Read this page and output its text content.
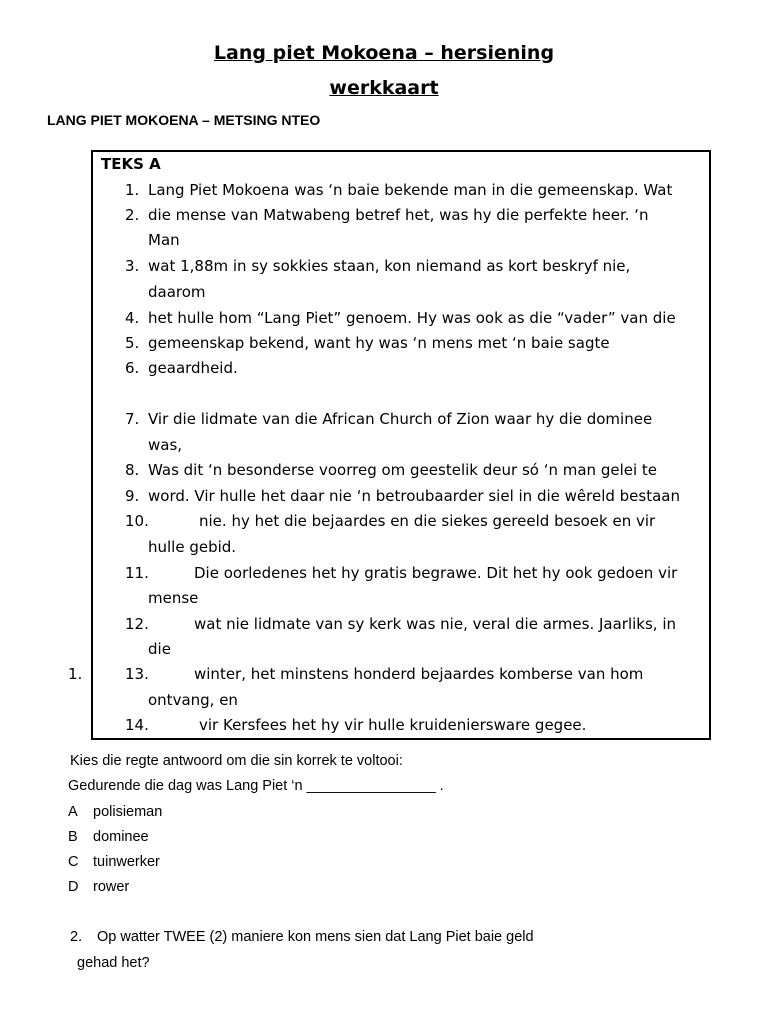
Lang piet Mokoena – hersiening
werkkaart
LANG PIET MOKOENA – METSING NTEO
TEKS A
1. Lang Piet Mokoena was ‘n baie bekende man in die gemeenskap. Wat
2. die mense van Matwabeng betref het, was hy die perfekte heer. ‘n
Man
3. wat 1,88m in sy sokkies staan, kon niemand as kort beskryf nie,
daarom
4. het hulle hom “Lang Piet” genoem. Hy was ook as die “vader” van die
5. gemeenskap bekend, want hy was ‘n mens met ‘n baie sagte
6. geaardheid.
7. Vir die lidmate van die African Church of Zion waar hy die dominee
was,
8. Was dit ‘n besonderse voorreg om geestelik deur só ‘n man gelei te
9. word. Vir hulle het daar nie ‘n betroubaarder siel in die wêreld bestaan
10.	nie. hy het die bejaardes en die siekes gereeld besoek en vir
hulle gebid.
11.	Die oorledenes het hy gratis begrawe. Dit het hy ook gedoen vir
mense
12.	wat nie lidmate van sy kerk was nie, veral die armes. Jaarliks, in
die
13.	winter, het minstens honderd bejaardes komberse van hom
ontvang, en
14.	vir Kersfees het hy vir hulle kruideniersware gegee.
1.
Kies die regte antwoord om die sin korrek te voltooi:
Gedurende die dag was Lang Piet ‘n ________________ .
A polisieman
B dominee
C tuinwerker
D rower
2. Op watter TWEE (2) maniere kon mens sien dat Lang Piet baie geld
gehad het?
